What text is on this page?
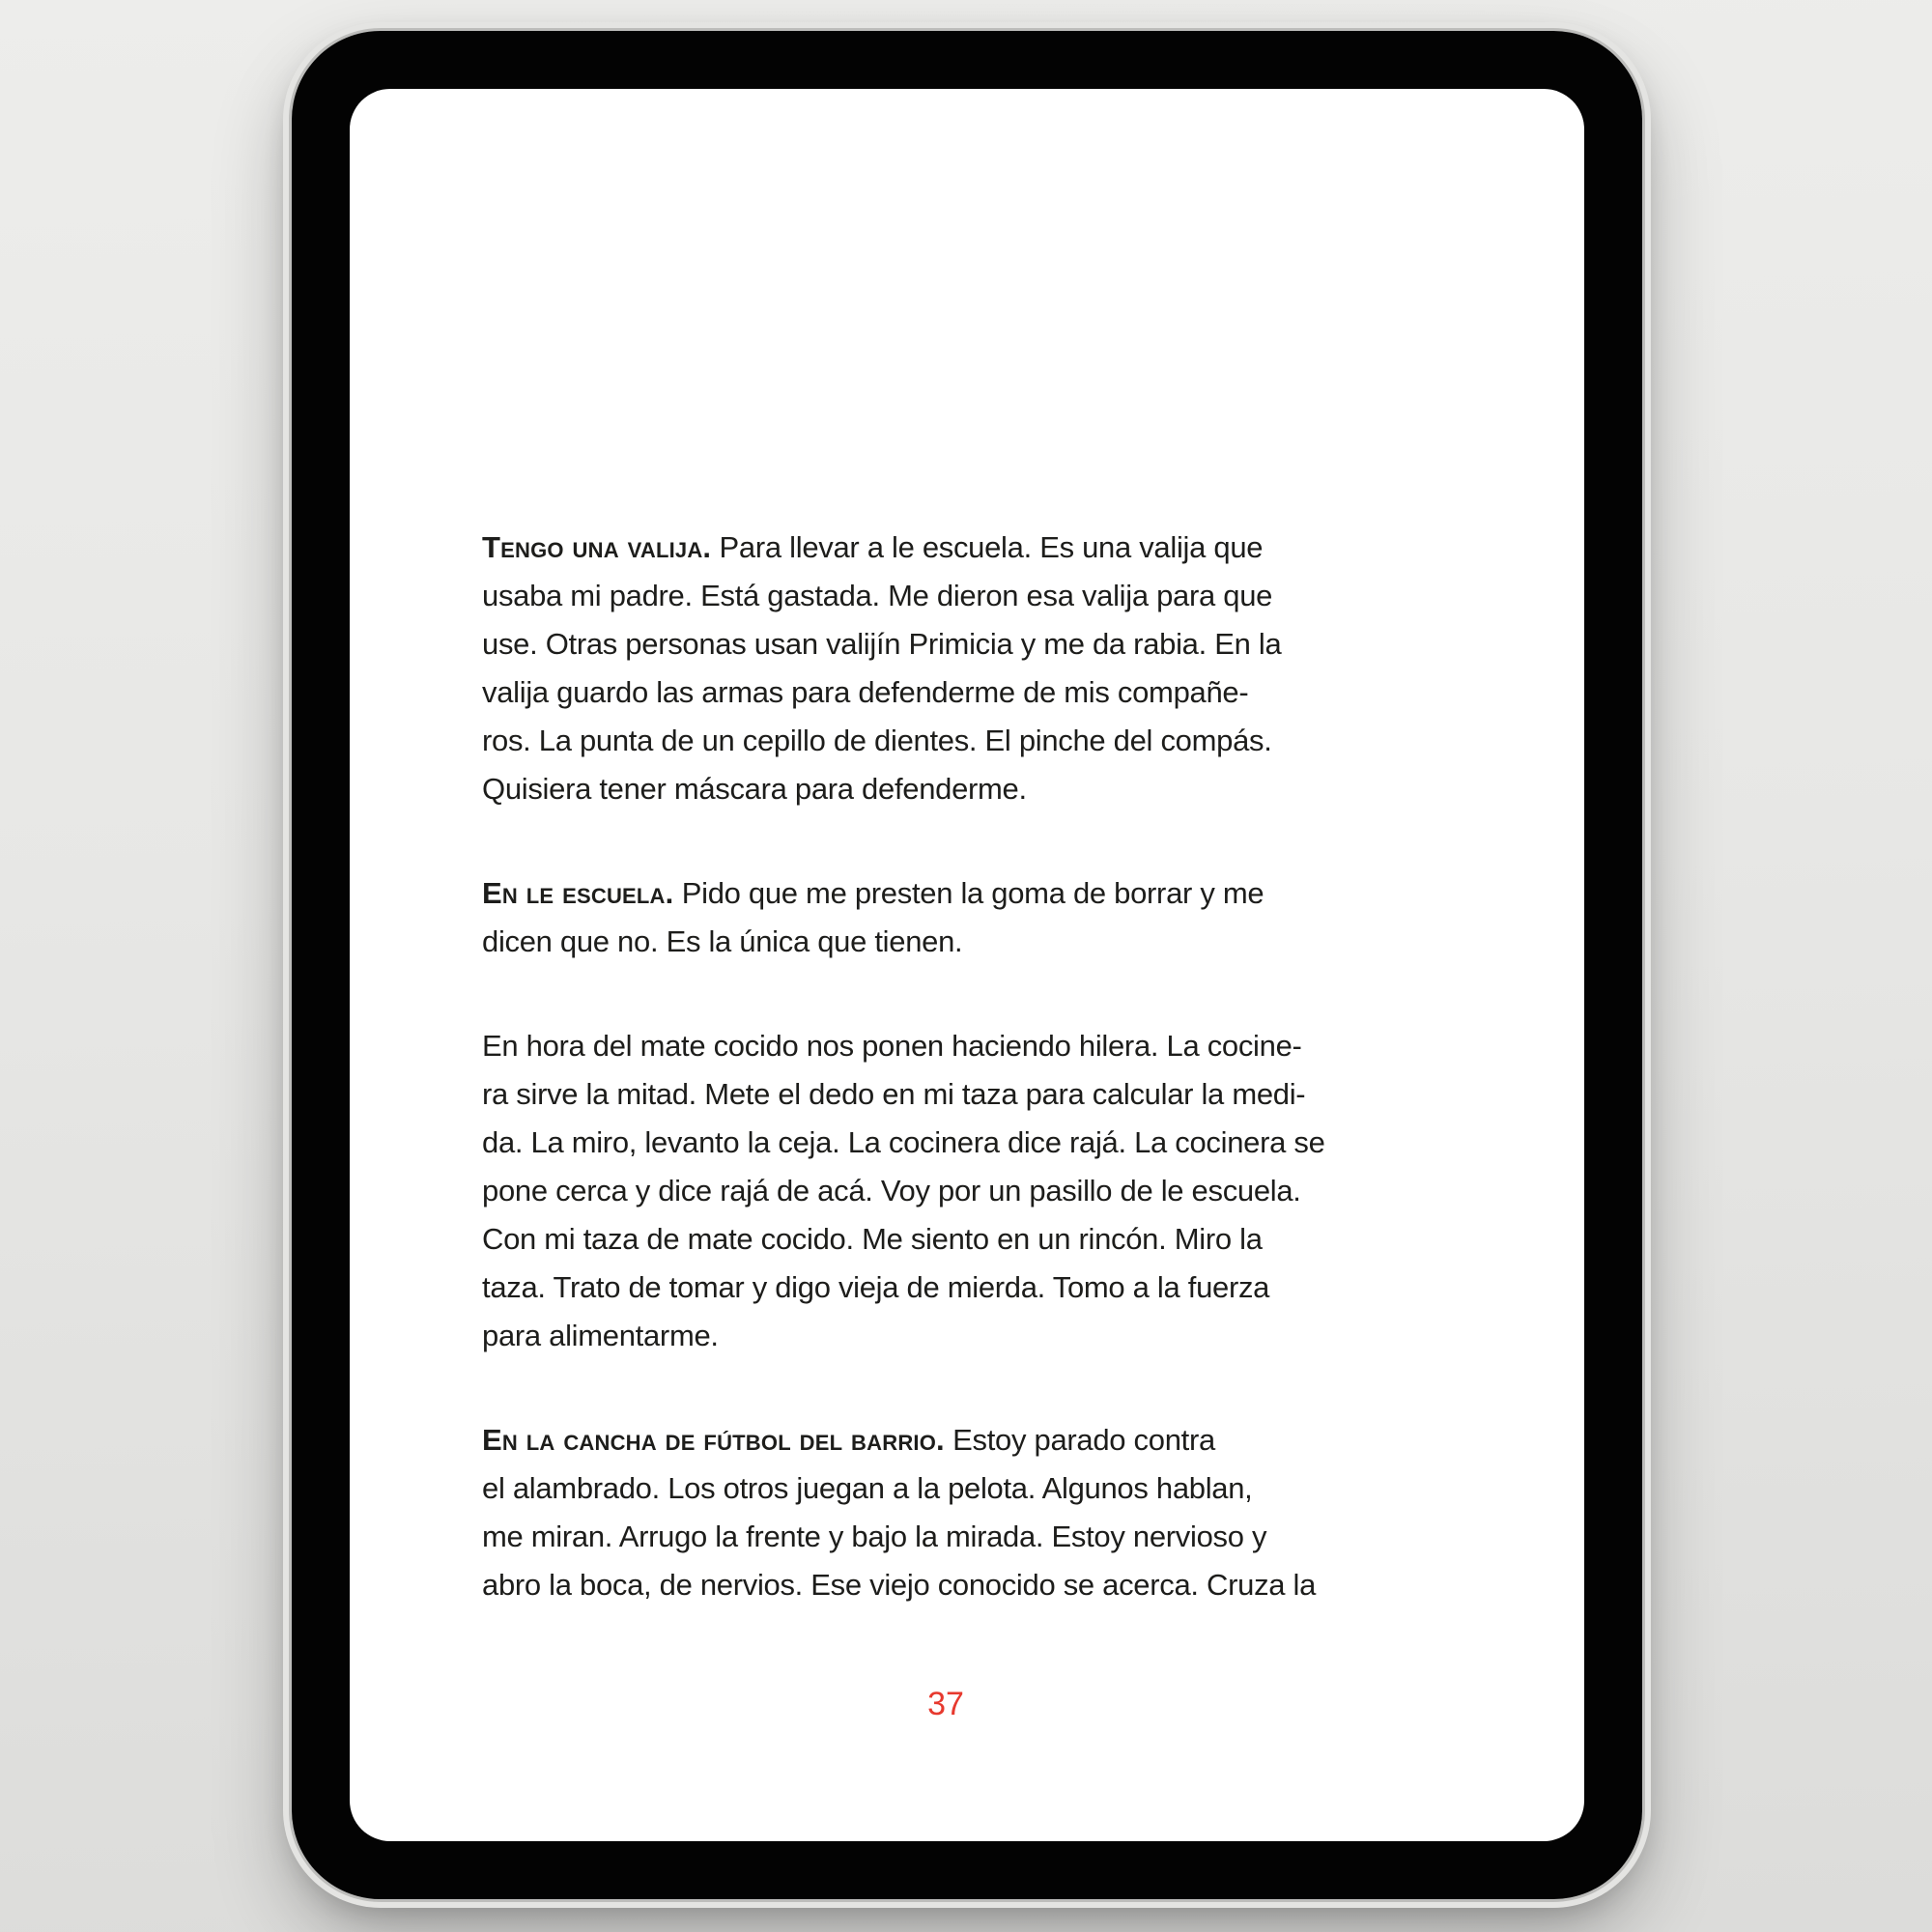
Tengo una valija. Para llevar a le escuela. Es una valija que
usaba mi padre. Está gastada. Me dieron esa valija para que
use. Otras personas usan valijín Primicia y me da rabia. En la
valija guardo las armas para defenderme de mis compañe-
ros. La punta de un cepillo de dientes. El pinche del compás.
Quisiera tener máscara para defenderme.
En le escuela. Pido que me presten la goma de borrar y me
dicen que no. Es la única que tienen.
En hora del mate cocido nos ponen haciendo hilera. La cocine-
ra sirve la mitad. Mete el dedo en mi taza para calcular la medi-
da. La miro, levanto la ceja. La cocinera dice rajá. La cocinera se
pone cerca y dice rajá de acá. Voy por un pasillo de le escuela.
Con mi taza de mate cocido. Me siento en un rincón. Miro la
taza. Trato de tomar y digo vieja de mierda. Tomo a la fuerza
para alimentarme.
En la cancha de fútbol del barrio. Estoy parado contra
el alambrado. Los otros juegan a la pelota. Algunos hablan,
me miran. Arrugo la frente y bajo la mirada. Estoy nervioso y
abro la boca, de nervios. Ese viejo conocido se acerca. Cruza la
37
